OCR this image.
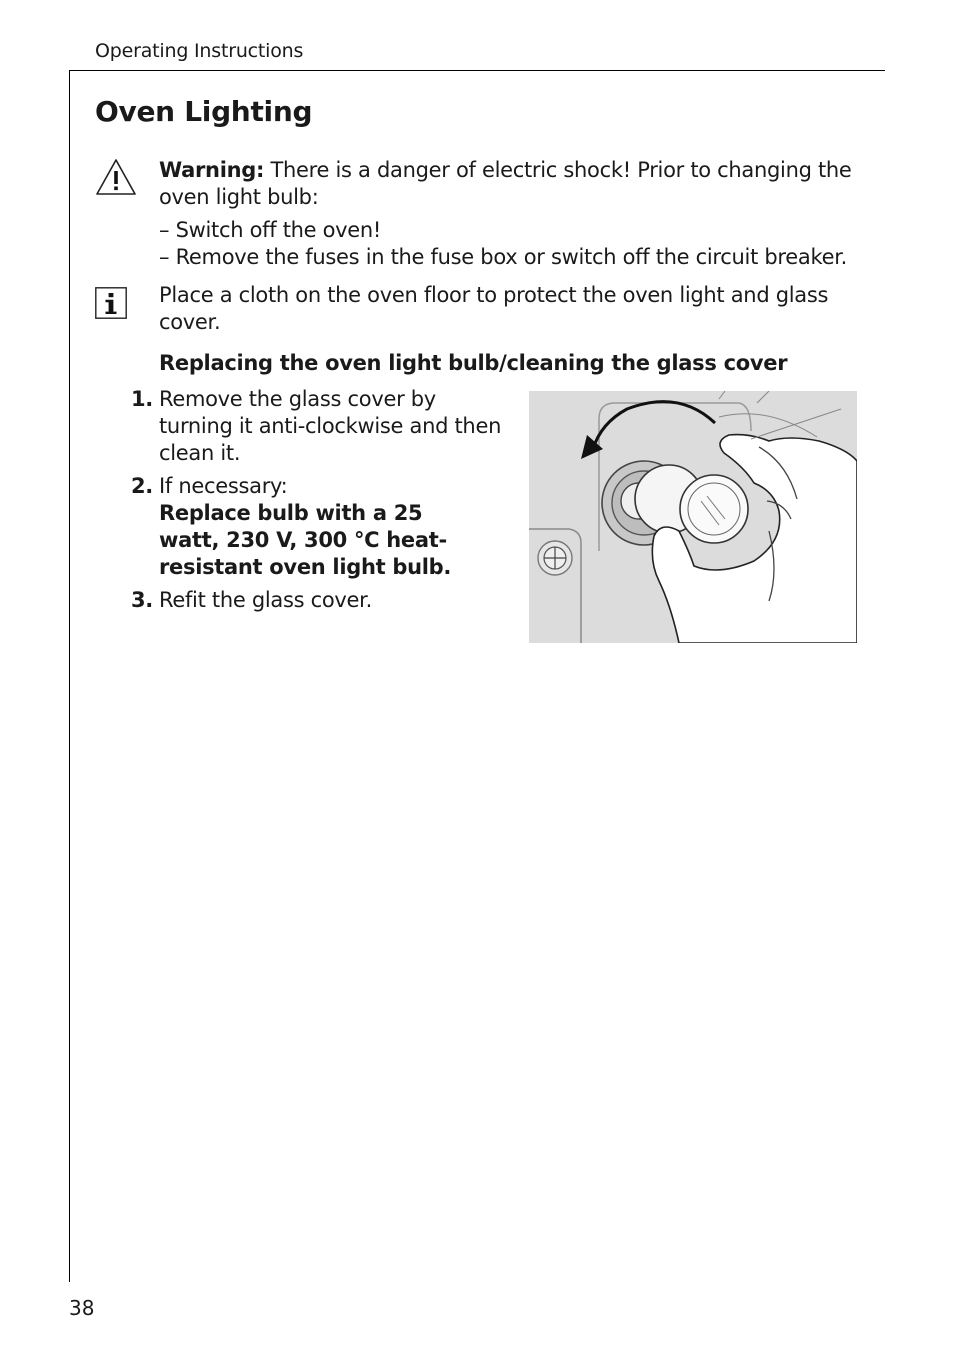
Operating Instructions
Oven Lighting

Warning: There is a danger of electric shock! Prior to changing the oven light bulb:

– Switch off the oven!
– Remove the fuses in the fuse box or switch off the circuit breaker.

Place a cloth on the oven floor to protect the oven light and glass cover.

Replacing the oven light bulb/cleaning the glass cover
1. Remove the glass cover by turning it anti-clockwise and then clean it.
2. If necessary:
Replace bulb with a 25 watt, 230 V, 300 °C heat-resistant oven light bulb.
3. Refit the glass cover.
38
